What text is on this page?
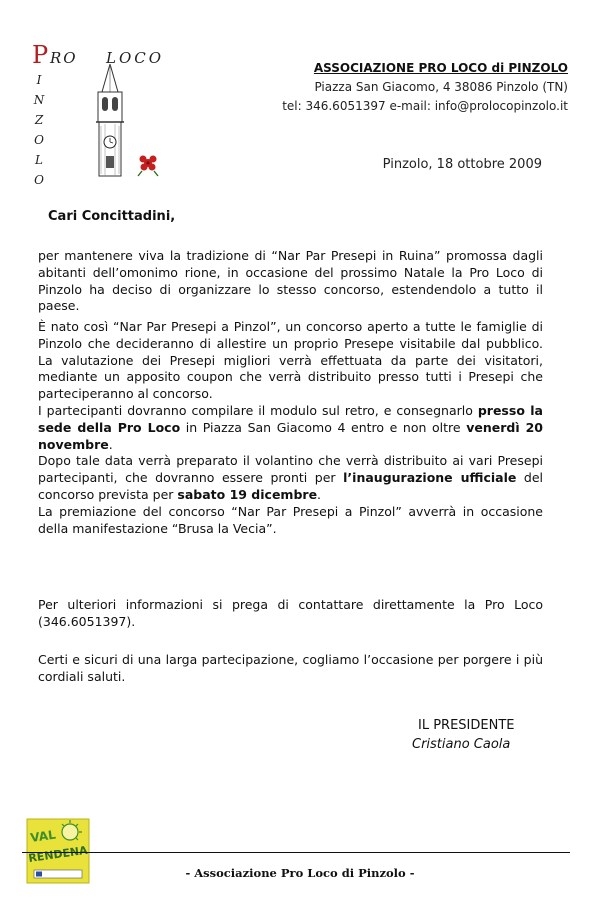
P RO LOCO
I
N
Z
O
L
O
ASSOCIAZIONE PRO LOCO di PINZOLO
Piazza San Giacomo, 4 38086 Pinzolo (TN)
tel: 346.6051397 e-mail: info@prolocopinzolo.it
Pinzolo, 18 ottobre 2009
Cari Concittadini,

per mantenere viva la tradizione di “Nar Par Presepi in Ruina” promossa dagli abitanti dell’omonimo rione, in occasione del prossimo Natale la Pro Loco di Pinzolo ha deciso di organizzare lo stesso concorso, estendendolo a tutto il paese.

È nato così “Nar Par Presepi a Pinzol”, un concorso aperto a tutte le famiglie di Pinzolo che decideranno di allestire un proprio Presepe visitabile dal pubblico. La valutazione dei Presepi migliori verrà effettuata da parte dei visitatori, mediante un apposito coupon che verrà distribuito presso tutti i Presepi che parteciperanno al concorso.

I partecipanti dovranno compilare il modulo sul retro, e consegnarlo presso la sede della Pro Loco in Piazza San Giacomo 4 entro e non oltre venerdì 20 novembre.

Dopo tale data verrà preparato il volantino che verrà distribuito ai vari Presepi partecipanti, che dovranno essere pronti per l’inaugurazione ufficiale del concorso prevista per sabato 19 dicembre.

La premiazione del concorso “Nar Par Presepi a Pinzol” avverrà in occasione della manifestazione “Brusa la Vecia”.

Per ulteriori informazioni si prega di contattare direttamente la Pro Loco (346.6051397).

Certi e sicuri di una larga partecipazione, cogliamo l’occasione per porgere i più cordiali saluti.

IL PRESIDENTE
Cristiano Caola
VAL
RENDENA
- Associazione Pro Loco di Pinzolo -
